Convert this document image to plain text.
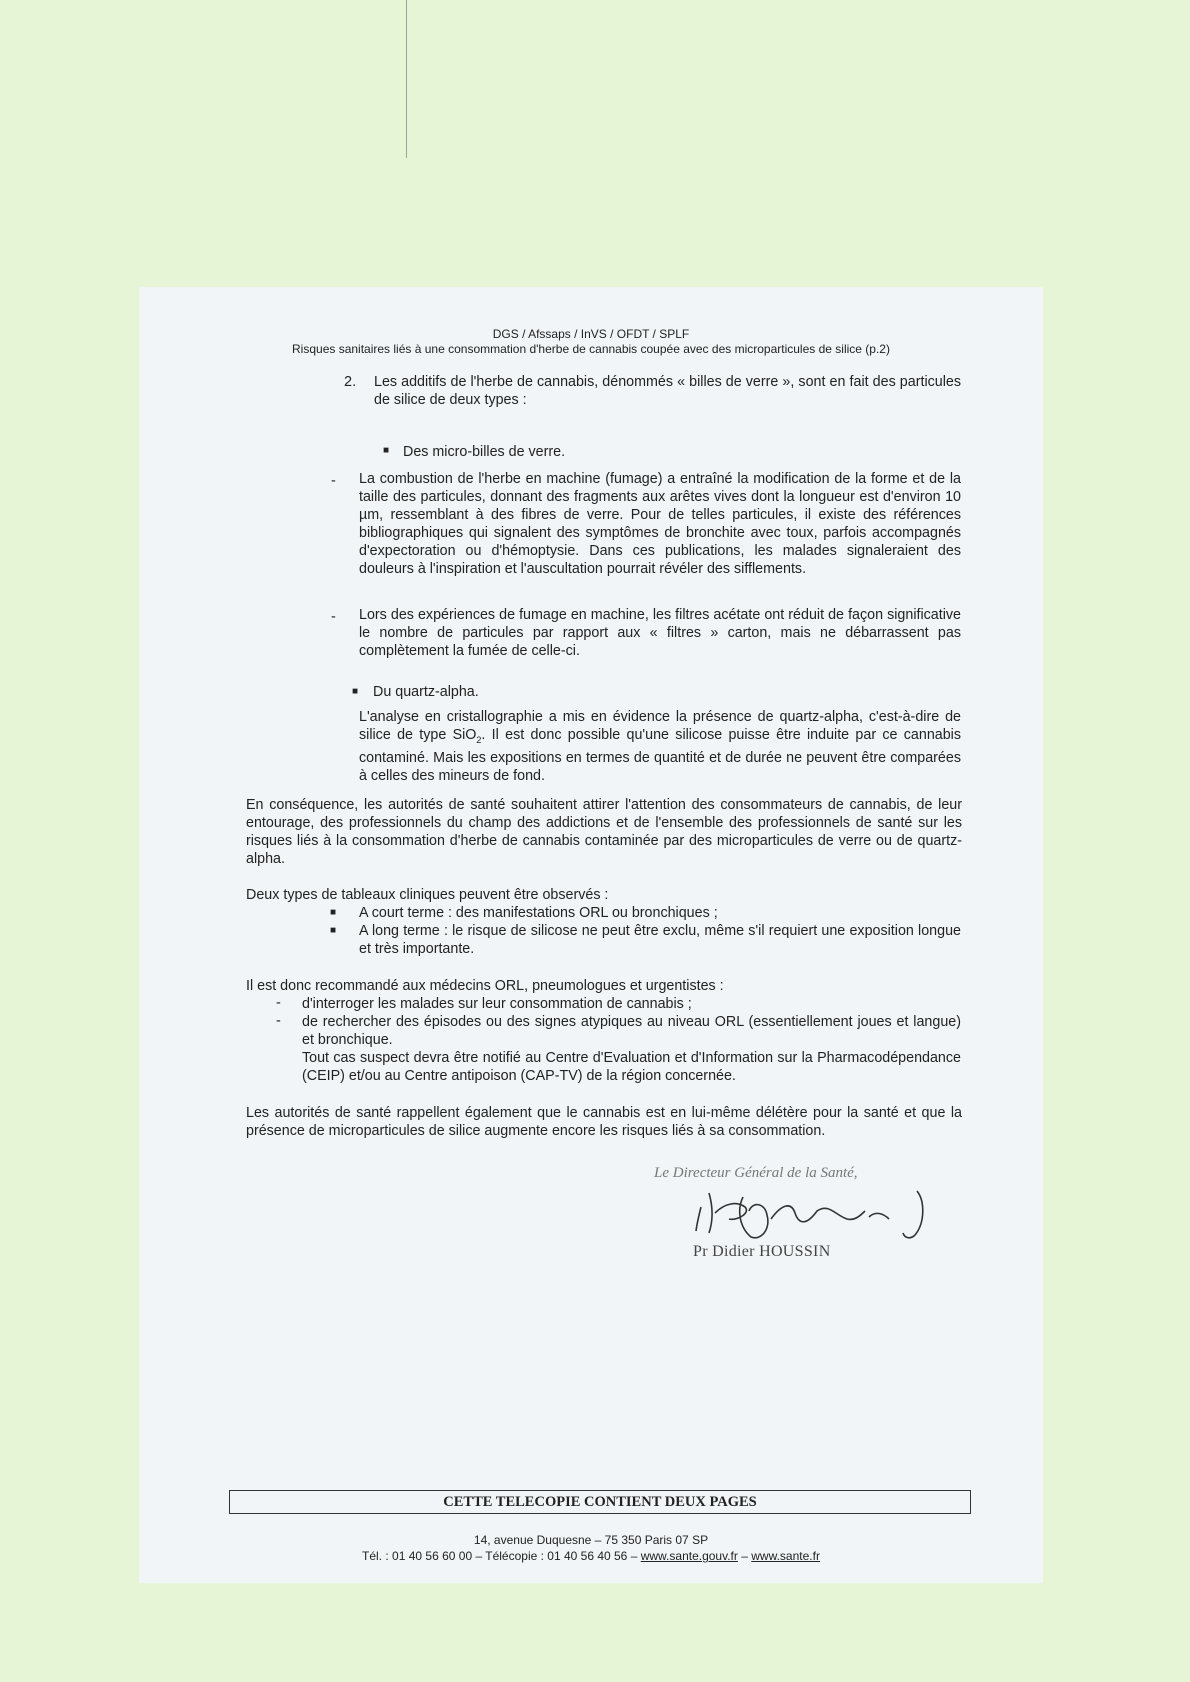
DGS / Afssaps / InVS / OFDT / SPLF
Risques sanitaires liés à une consommation d'herbe de cannabis coupée avec des microparticules de silice (p.2)
2. Les additifs de l'herbe de cannabis, dénommés « billes de verre », sont en fait des particules de silice de deux types :
■ Des micro-billes de verre.
- La combustion de l'herbe en machine (fumage) a entraîné la modification de la forme et de la taille des particules, donnant des fragments aux arêtes vives dont la longueur est d'environ 10 µm, ressemblant à des fibres de verre. Pour de telles particules, il existe des références bibliographiques qui signalent des symptômes de bronchite avec toux, parfois accompagnés d'expectoration ou d'hémoptysie. Dans ces publications, les malades signaleraient des douleurs à l'inspiration et l'auscultation pourrait révéler des sifflements.
- Lors des expériences de fumage en machine, les filtres acétate ont réduit de façon significative le nombre de particules par rapport aux « filtres » carton, mais ne débarrassent pas complètement la fumée de celle-ci.
■ Du quartz-alpha.
L'analyse en cristallographie a mis en évidence la présence de quartz-alpha, c'est-à-dire de silice de type SiO$_2$. Il est donc possible qu'une silicose puisse être induite par ce cannabis contaminé. Mais les expositions en termes de quantité et de durée ne peuvent être comparées à celles des mineurs de fond.
En conséquence, les autorités de santé souhaitent attirer l'attention des consommateurs de cannabis, de leur entourage, des professionnels du champ des addictions et de l'ensemble des professionnels de santé sur les risques liés à la consommation d'herbe de cannabis contaminée par des microparticules de verre ou de quartz-alpha.
Deux types de tableaux cliniques peuvent être observés :
■ A court terme : des manifestations ORL ou bronchiques ;
■ A long terme : le risque de silicose ne peut être exclu, même s'il requiert une exposition longue et très importante.
Il est donc recommandé aux médecins ORL, pneumologues et urgentistes :
- d'interroger les malades sur leur consommation de cannabis ;
- de rechercher des épisodes ou des signes atypiques au niveau ORL (essentiellement joues et langue) et bronchique.
Tout cas suspect devra être notifié au Centre d'Evaluation et d'Information sur la Pharmacodépendance (CEIP) et/ou au Centre antipoison (CAP-TV) de la région concernée.
Les autorités de santé rappellent également que le cannabis est en lui-même délétère pour la santé et que la présence de microparticules de silice augmente encore les risques liés à sa consommation.
Le Directeur Général de la Santé,
Pr Didier HOUSSIN
CETTE TELECOPIE CONTIENT DEUX PAGES
14, avenue Duquesne – 75 350 Paris 07 SP
Tél. : 01 40 56 60 00 – Télécopie : 01 40 56 40 56 – www.sante.gouv.fr – www.sante.fr
